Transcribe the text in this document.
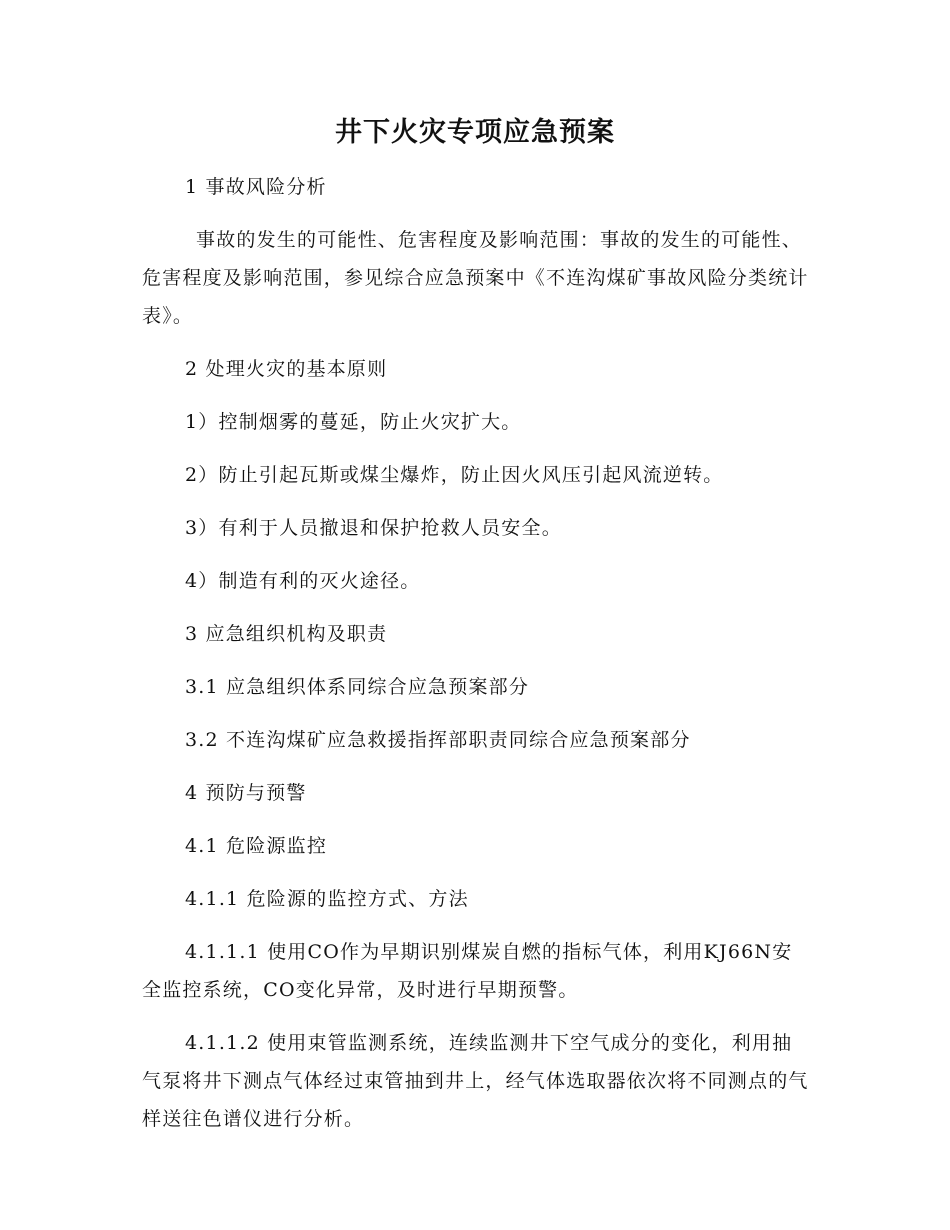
井下火灾专项应急预案

1 事故风险分析

事故的发生的可能性、危害程度及影响范围：事故的发生的可能性、危害程度及影响范围，参见综合应急预案中《不连沟煤矿事故风险分类统计表》。

2 处理火灾的基本原则

1）控制烟雾的蔓延，防止火灾扩大。

2）防止引起瓦斯或煤尘爆炸，防止因火风压引起风流逆转。

3）有利于人员撤退和保护抢救人员安全。

4）制造有利的灭火途径。

3 应急组织机构及职责

3.1 应急组织体系同综合应急预案部分

3.2 不连沟煤矿应急救援指挥部职责同综合应急预案部分

4 预防与预警

4.1 危险源监控

4.1.1 危险源的监控方式、方法

4.1.1.1 使用CO作为早期识别煤炭自燃的指标气体，利用KJ66N安全监控系统，CO变化异常，及时进行早期预警。

4.1.1.2 使用束管监测系统，连续监测井下空气成分的变化，利用抽气泵将井下测点气体经过束管抽到井上，经气体选取器依次将不同测点的气样送往色谱仪进行分析。
